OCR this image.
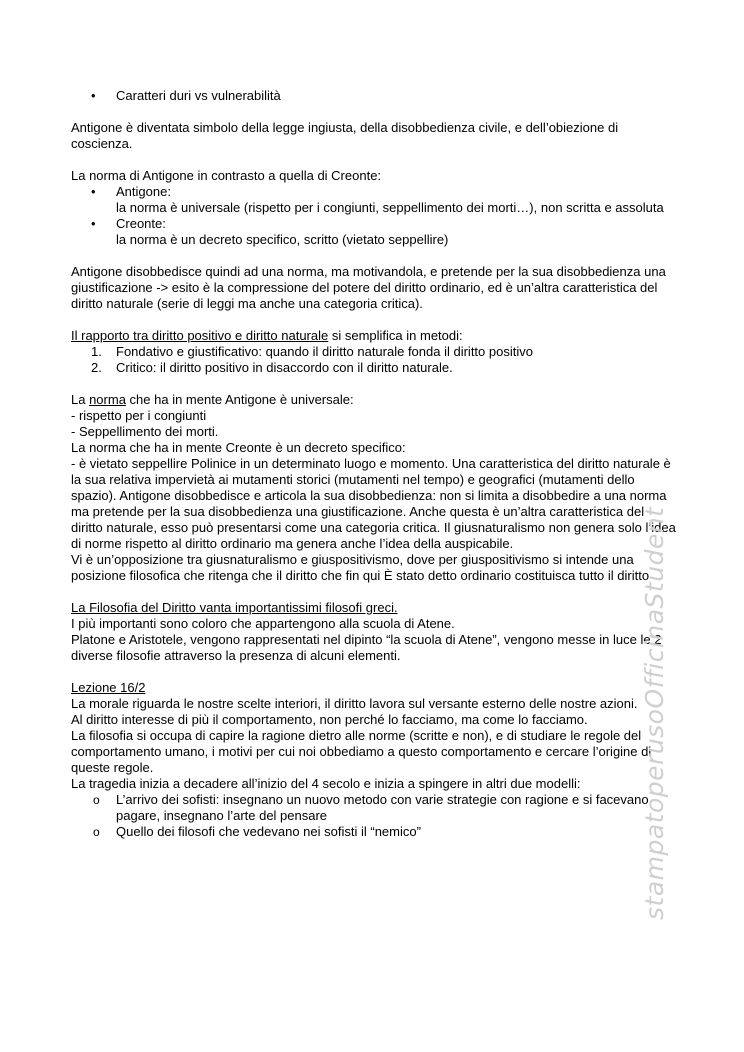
• Caratteri duri vs vulnerabilità

Antigone è diventata simbolo della legge ingiusta, della disobbedienza civile, e dell’obiezione di coscienza.

La norma di Antigone in contrasto a quella di Creonte:

• Antigone:
la norma è universale (rispetto per i congiunti, seppellimento dei morti…), non scritta e assoluta
• Creonte:
la norma è un decreto specifico, scritto (vietato seppellire)

Antigone disobbedisce quindi ad una norma, ma motivandola, e pretende per la sua disobbedienza una giustificazione -> esito è la compressione del potere del diritto ordinario, ed è un’altra caratteristica del diritto naturale (serie di leggi ma anche una categoria critica).

Il rapporto tra diritto positivo e diritto naturale si semplifica in metodi:

1. Fondativo e giustificativo: quando il diritto naturale fonda il diritto positivo
2. Critico: il diritto positivo in disaccordo con il diritto naturale.

La norma che ha in mente Antigone è universale:

- rispetto per i congiunti

- Seppellimento dei morti.

La norma che ha in mente Creonte è un decreto specifico:

- è vietato seppellire Polinice in un determinato luogo e momento. Una caratteristica del diritto naturale è la sua relativa impervietà ai mutamenti storici (mutamenti nel tempo) e geografici (mutamenti dello spazio). Antigone disobbedisce e articola la sua disobbedienza: non si limita a disobbedire a una norma ma pretende per la sua disobbedienza una giustificazione. Anche questa è un’altra caratteristica del diritto naturale, esso può presentarsi come una categoria critica. Il giusnaturalismo non genera solo l’idea di norme rispetto al diritto ordinario ma genera anche l’idea della auspicabile.

Vi è un’opposizione tra giusnaturalismo e giuspositivismo, dove per giuspositivismo si intende una posizione filosofica che ritenga che il diritto che fin qui È stato detto ordinario costituisca tutto il diritto

La Filosofia del Diritto vanta importantissimi filosofi greci.

I più importanti sono coloro che appartengono alla scuola di Atene.

Platone e Aristotele, vengono rappresentati nel dipinto “la scuola di Atene”, vengono messe in luce le 2 diverse filosofie attraverso la presenza di alcuni elementi.

Lezione 16/2

La morale riguarda le nostre scelte interiori, il diritto lavora sul versante esterno delle nostre azioni.

Al diritto interesse di più il comportamento, non perché lo facciamo, ma come lo facciamo.

La filosofia si occupa di capire la ragione dietro alle norme (scritte e non), e di studiare le regole del comportamento umano, i motivi per cui noi obbediamo a questo comportamento e cercare l’origine di queste regole.

La tragedia inizia a decadere all’inizio del 4 secolo e inizia a spingere in altri due modelli:

o L’arrivo dei sofisti: insegnano un nuovo metodo con varie strategie con ragione e si facevano pagare, insegnano l’arte del pensare
o Quello dei filosofi che vedevano nei sofisti il “nemico”	stampatoperusoOfficinaStudent
